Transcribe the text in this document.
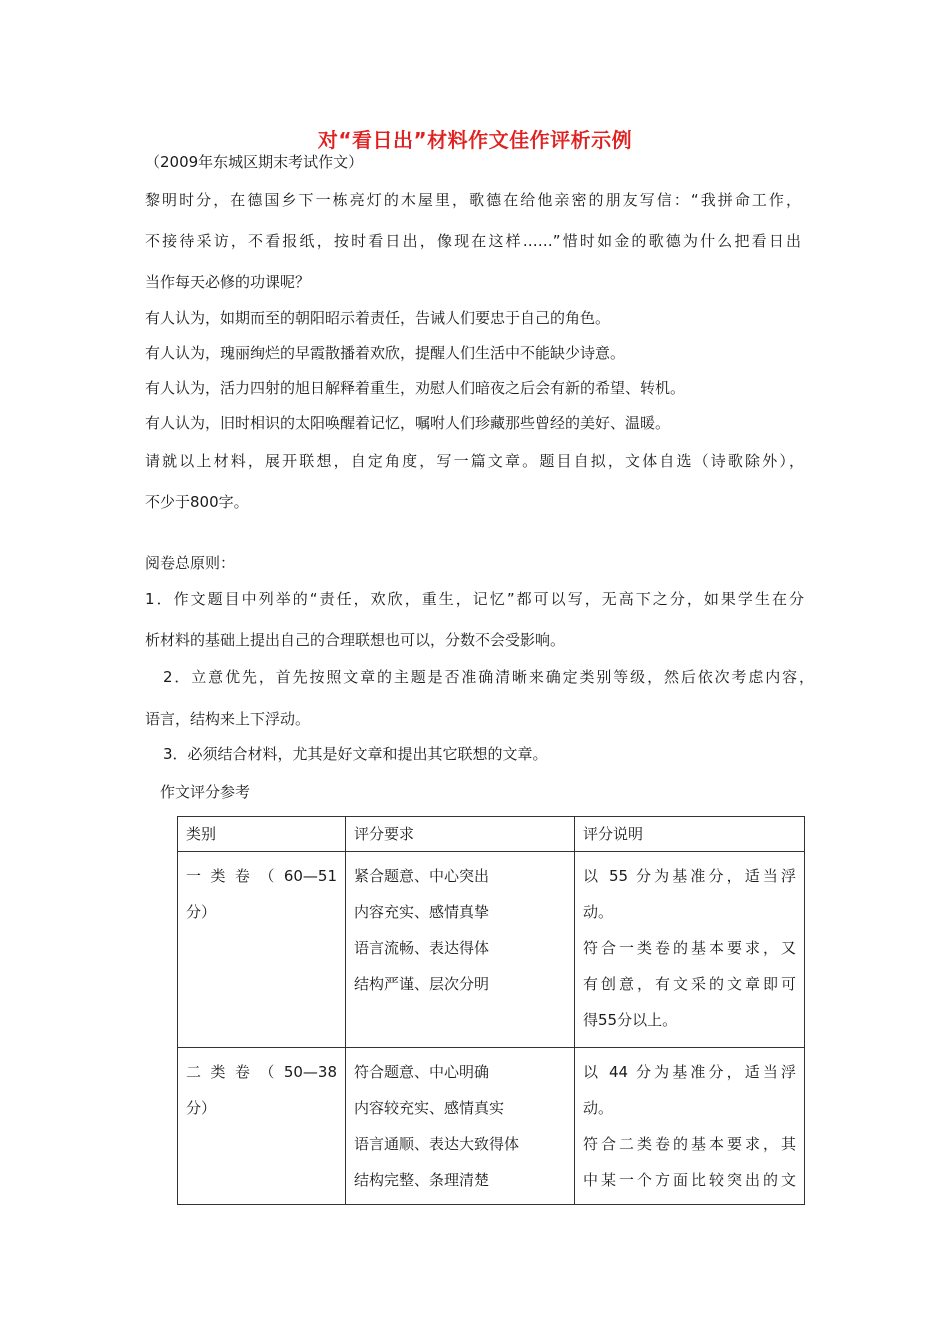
对“看日出”材料作文佳作评析示例
（2009年东城区期末考试作文）
黎明时分，在德国乡下一栋亮灯的木屋里，歌德在给他亲密的朋友写信：“我拼命工作，
不接待采访，不看报纸，按时看日出，像现在这样……”惜时如金的歌德为什么把看日出
当作每天必修的功课呢？
有人认为，如期而至的朝阳昭示着责任，告诫人们要忠于自己的角色。
有人认为，瑰丽绚烂的早霞散播着欢欣，提醒人们生活中不能缺少诗意。
有人认为，活力四射的旭日解释着重生，劝慰人们暗夜之后会有新的希望、转机。
有人认为，旧时相识的太阳唤醒着记忆，嘱咐人们珍藏那些曾经的美好、温暖。
请就以上材料，展开联想，自定角度，写一篇文章。题目自拟，文体自选（诗歌除外），
不少于800字。
阅卷总原则：
1．作文题目中列举的“责任，欢欣，重生，记忆”都可以写，无高下之分，如果学生在分
析材料的基础上提出自己的合理联想也可以，分数不会受影响。
2．立意优先，首先按照文章的主题是否准确清晰来确定类别等级，然后依次考虑内容，
语言，结构来上下浮动。
3．必须结合材料，尤其是好文章和提出其它联想的文章。
作文评分参考
类别	评分要求	评分说明

一 类 卷 （ 60—51
分）	紧合题意、中心突出
内容充实、感情真挚
语言流畅、表达得体
结构严谨、层次分明	以 55 分为基准分，适当浮
动。
符合一类卷的基本要求，又
有创意，有文采的文章即可
得55分以上。

二 类 卷 （ 50—38
分）	符合题意、中心明确
内容较充实、感情真实
语言通顺、表达大致得体
结构完整、条理清楚	以 44 分为基准分，适当浮
动。
符合二类卷的基本要求，其
中某一个方面比较突出的文
